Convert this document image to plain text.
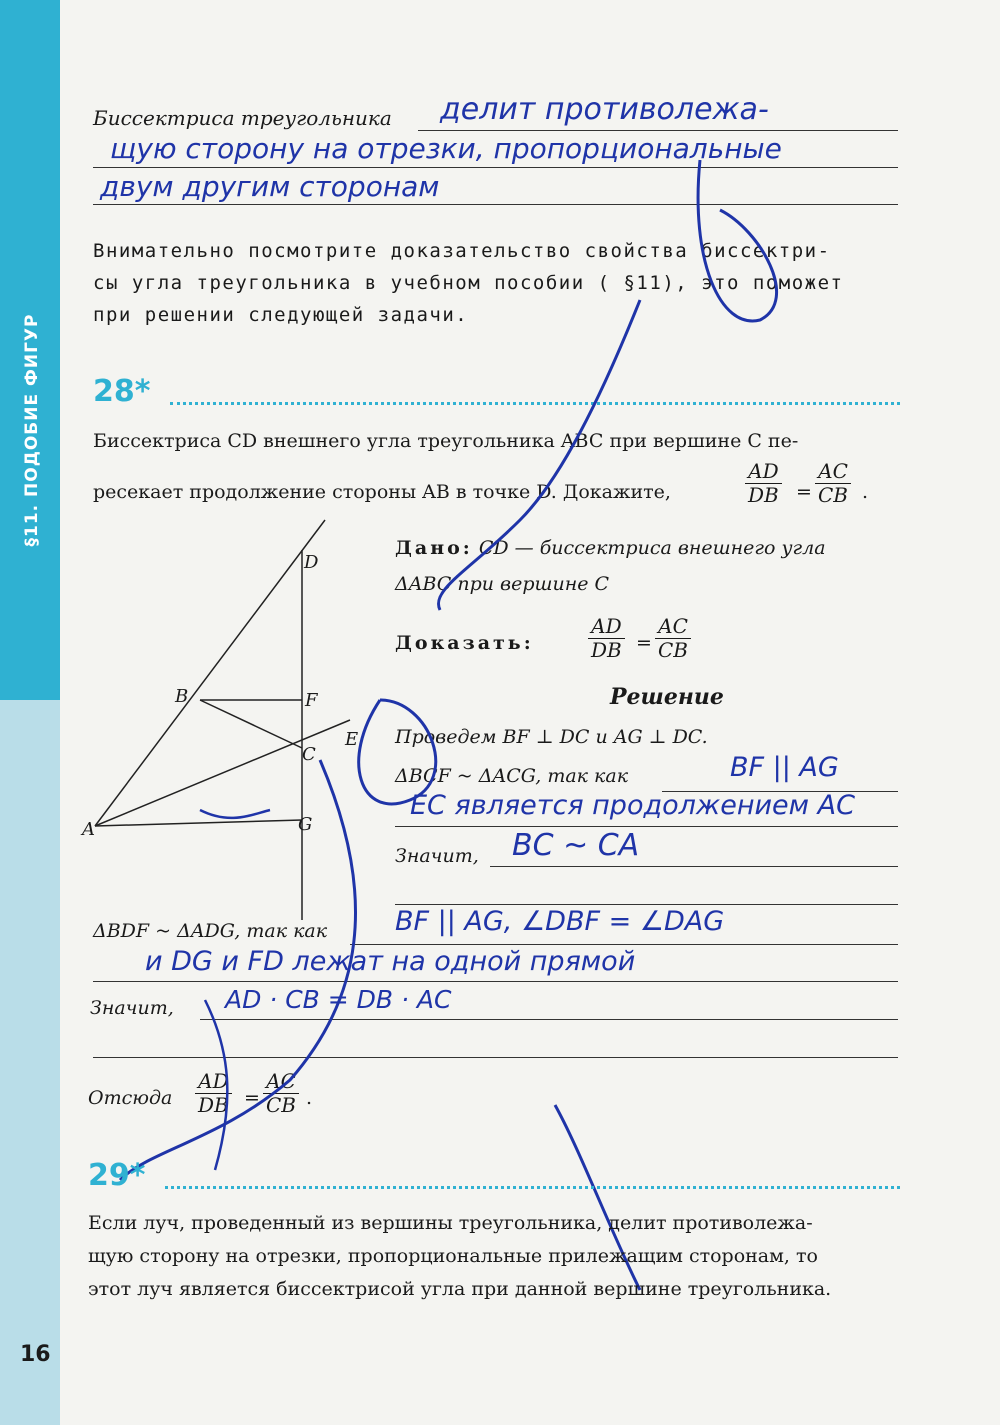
§11. ПОДОБИЕ ФИГУР
Биссектриса треугольника делит противолежа-
щую сторону на отрезки, пропорциональные
двум другим сторонам
Внимательно посмотрите доказательство свойства биссектри-
сы угла треугольника в учебном пособии ( §11), это поможет
при решении следующей задачи.
28*
Биссектриса CD внешнего угла треугольника ABC при вершине C пе-
ресекает продолжение стороны AB в точке D. Докажите,	$\frac{AD}{DB} = \frac{AC}{CB}$ .
A
B
C
D
E
F
G
Дано: CD — биссектриса внешнего угла
ΔABC при вершине C
Доказать:	$\frac{AD}{DB} = \frac{AC}{CB}$
Решение
Проведем BF ⊥ DC и AG ⊥ DC.
ΔBCF ~ ΔACG, так как	BF || AG
EC является продолжением AC
Значит, BC ~ CA
ΔBDF ~ ΔADG, так как	BF || AG, ∠DBF = ∠DAG
и DG и FD лежат на одной прямой
Значит, AD · CB = DB · AC
Отсюда $\frac{AD}{DB} = \frac{AC}{CB}$ .
29*
Если луч, проведенный из вершины треугольника, делит противолежа-
щую сторону на отрезки, пропорциональные прилежащим сторонам, то
этот луч является биссектрисой угла при данной вершине треугольника.
16
